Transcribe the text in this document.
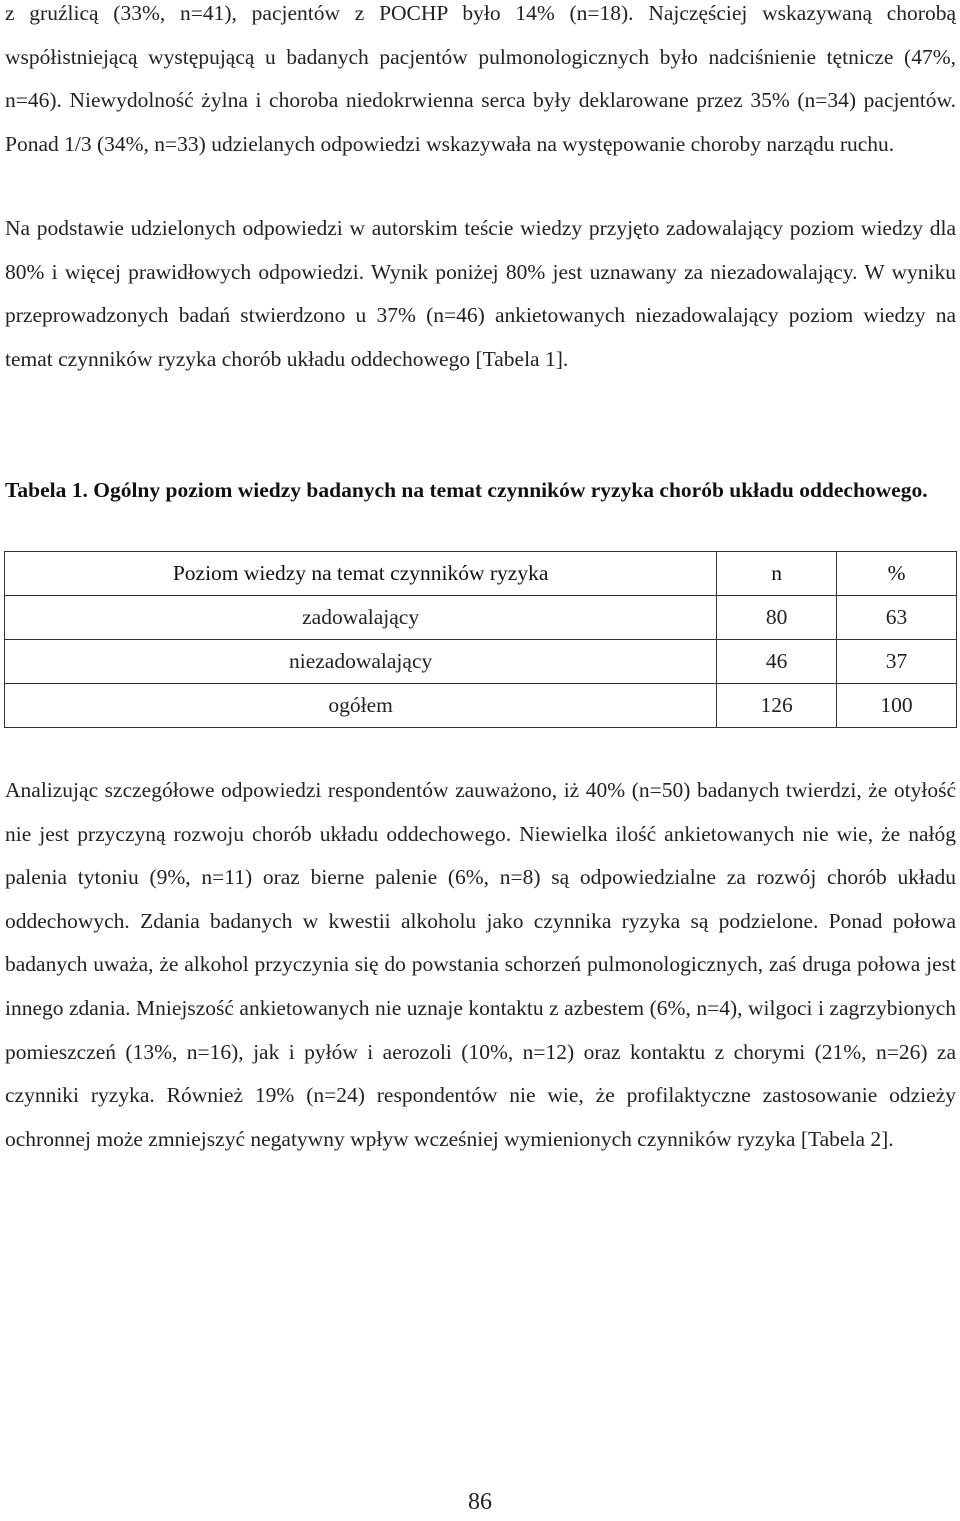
z gruźlicą (33%, n=41), pacjentów z POCHP było 14% (n=18). Najczęściej wskazywaną chorobą współistniejącą występującą u badanych pacjentów pulmonologicznych było nadciśnienie tętnicze (47%, n=46). Niewydolność żylna i choroba niedokrwienna serca były deklarowane przez 35% (n=34) pacjentów. Ponad 1/3 (34%, n=33) udzielanych odpowiedzi wskazywała na występowanie choroby narządu ruchu.

Na podstawie udzielonych odpowiedzi w autorskim teście wiedzy przyjęto zadowalający poziom wiedzy dla 80% i więcej prawidłowych odpowiedzi. Wynik poniżej 80% jest uznawany za niezadowalający. W wyniku przeprowadzonych badań stwierdzono u 37% (n=46) ankietowanych niezadowalający poziom wiedzy na temat czynników ryzyka chorób układu oddechowego [Tabela 1].

Tabela 1. Ogólny poziom wiedzy badanych na temat czynników ryzyka chorób układu oddechowego.

Poziom wiedzy na temat czynników ryzyka	n	%
zadowalający	80	63
niezadowalający	46	37
ogółem	126	100

Analizując szczegółowe odpowiedzi respondentów zauważono, iż 40% (n=50) badanych twierdzi, że otyłość nie jest przyczyną rozwoju chorób układu oddechowego. Niewielka ilość ankietowanych nie wie, że nałóg palenia tytoniu (9%, n=11) oraz bierne palenie (6%, n=8) są odpowiedzialne za rozwój chorób układu oddechowych. Zdania badanych w kwestii alkoholu jako czynnika ryzyka są podzielone. Ponad połowa badanych uważa, że alkohol przyczynia się do powstania schorzeń pulmonologicznych, zaś druga połowa jest innego zdania. Mniejszość ankietowanych nie uznaje kontaktu z azbestem (6%, n=4), wilgoci i zagrzybionych pomieszczeń (13%, n=16), jak i pyłów i aerozoli (10%, n=12) oraz kontaktu z chorymi (21%, n=26) za czynniki ryzyka. Również 19% (n=24) respondentów nie wie, że profilaktyczne zastosowanie odzieży ochronnej może zmniejszyć negatywny wpływ wcześniej wymienionych czynników ryzyka [Tabela 2].

86
